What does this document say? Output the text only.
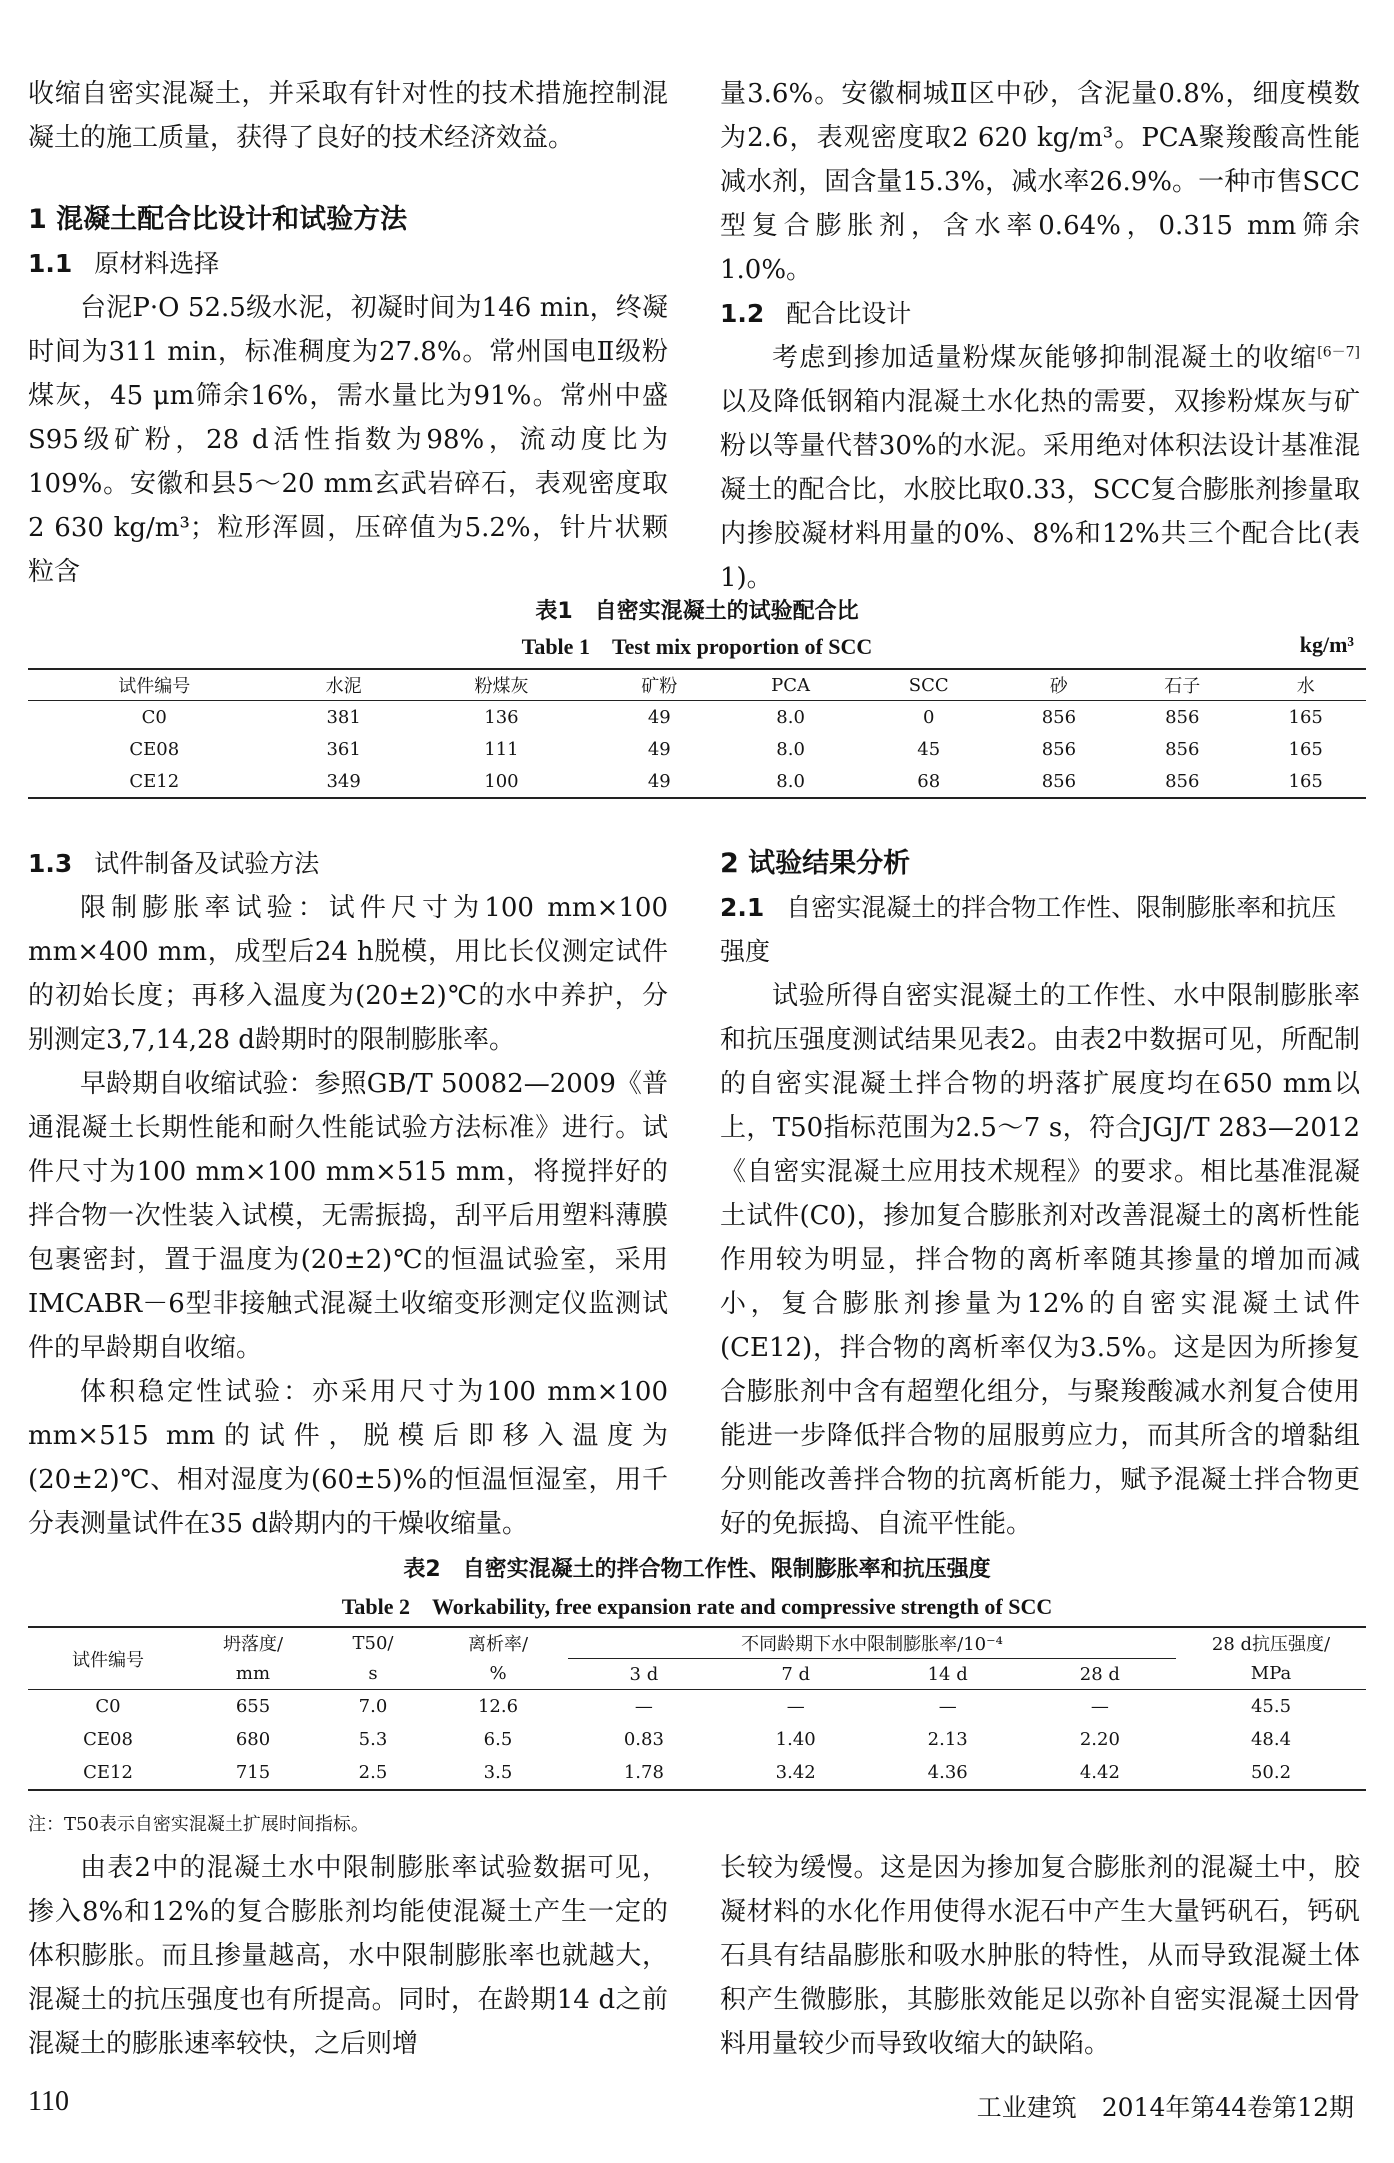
收缩自密实混凝土，并采取有针对性的技术措施控制混凝土的施工质量，获得了良好的技术经济效益。

1 混凝土配合比设计和试验方法
1.1 原材料选择

台泥P·O 52.5级水泥，初凝时间为146 min，终凝时间为311 min，标准稠度为27.8%。常州国电Ⅱ级粉煤灰，45 μm筛余16%，需水量比为91%。常州中盛S95级矿粉，28 d活性指数为98%，流动度比为109%。安徽和县5～20 mm玄武岩碎石，表观密度取2 630 kg/m³；粒形浑圆，压碎值为5.2%，针片状颗粒含

量3.6%。安徽桐城Ⅱ区中砂，含泥量0.8%，细度模数为2.6，表观密度取2 620 kg/m³。PCA聚羧酸高性能减水剂，固含量15.3%，减水率26.9%。一种市售SCC型复合膨胀剂，含水率0.64%，0.315 mm筛余1.0%。

1.2 配合比设计

考虑到掺加适量粉煤灰能够抑制混凝土的收缩[6－7]以及降低钢箱内混凝土水化热的需要，双掺粉煤灰与矿粉以等量代替30%的水泥。采用绝对体积法设计基准混凝土的配合比，水胶比取0.33，SCC复合膨胀剂掺量取内掺胶凝材料用量的0%、8%和12%共三个配合比(表1)。

表1　自密实混凝土的试验配合比
Table 1　Test mix proportion of SCC	kg/m³
试件编号	水泥	粉煤灰	矿粉	PCA	SCC	砂	石子	水
C0	381	136	49	8.0	0	856	856	165
CE08	361	111	49	8.0	45	856	856	165
CE12	349	100	49	8.0	68	856	856	165
1.3 试件制备及试验方法

限制膨胀率试验：试件尺寸为100 mm×100 mm×400 mm，成型后24 h脱模，用比长仪测定试件的初始长度；再移入温度为(20±2)℃的水中养护，分别测定3,7,14,28 d龄期时的限制膨胀率。

早龄期自收缩试验：参照GB/T 50082—2009《普通混凝土长期性能和耐久性能试验方法标准》进行。试件尺寸为100 mm×100 mm×515 mm，将搅拌好的拌合物一次性装入试模，无需振捣，刮平后用塑料薄膜包裹密封，置于温度为(20±2)℃的恒温试验室，采用IMCABR－6型非接触式混凝土收缩变形测定仪监测试件的早龄期自收缩。

体积稳定性试验：亦采用尺寸为100 mm×100 mm×515 mm的试件，脱模后即移入温度为(20±2)℃、相对湿度为(60±5)%的恒温恒湿室，用千分表测量试件在35 d龄期内的干燥收缩量。

2 试验结果分析
2.1 自密实混凝土的拌合物工作性、限制膨胀率和抗压强度

试验所得自密实混凝土的工作性、水中限制膨胀率和抗压强度测试结果见表2。由表2中数据可见，所配制的自密实混凝土拌合物的坍落扩展度均在650 mm以上，T50指标范围为2.5～7 s，符合JGJ/T 283—2012《自密实混凝土应用技术规程》的要求。相比基准混凝土试件(C0)，掺加复合膨胀剂对改善混凝土的离析性能作用较为明显，拌合物的离析率随其掺量的增加而减小，复合膨胀剂掺量为12%的自密实混凝土试件(CE12)，拌合物的离析率仅为3.5%。这是因为所掺复合膨胀剂中含有超塑化组分，与聚羧酸减水剂复合使用能进一步降低拌合物的屈服剪应力，而其所含的增黏组分则能改善拌合物的抗离析能力，赋予混凝土拌合物更好的免振捣、自流平性能。

表2　自密实混凝土的拌合物工作性、限制膨胀率和抗压强度
Table 2　Workability, free expansion rate and compressive strength of SCC
试件编号	坍落度/	T50/	离析率/	不同龄期下水中限制膨胀率/10⁻⁴				28 d抗压强度/
	mm	s	%	3 d	7 d	14 d	28 d	MPa
C0	655	7.0	12.6	—	—	—	—	45.5
CE08	680	5.3	6.5	0.83	1.40	2.13	2.20	48.4
CE12	715	2.5	3.5	1.78	3.42	4.36	4.42	50.2
注：T50表示自密实混凝土扩展时间指标。

由表2中的混凝土水中限制膨胀率试验数据可见，掺入8%和12%的复合膨胀剂均能使混凝土产生一定的体积膨胀。而且掺量越高，水中限制膨胀率也就越大，混凝土的抗压强度也有所提高。同时，在龄期14 d之前混凝土的膨胀速率较快，之后则增

长较为缓慢。这是因为掺加复合膨胀剂的混凝土中，胶凝材料的水化作用使得水泥石中产生大量钙矾石，钙矾石具有结晶膨胀和吸水肿胀的特性，从而导致混凝土体积产生微膨胀，其膨胀效能足以弥补自密实混凝土因骨料用量较少而导致收缩大的缺陷。

110	工业建筑　2014年第44卷第12期
